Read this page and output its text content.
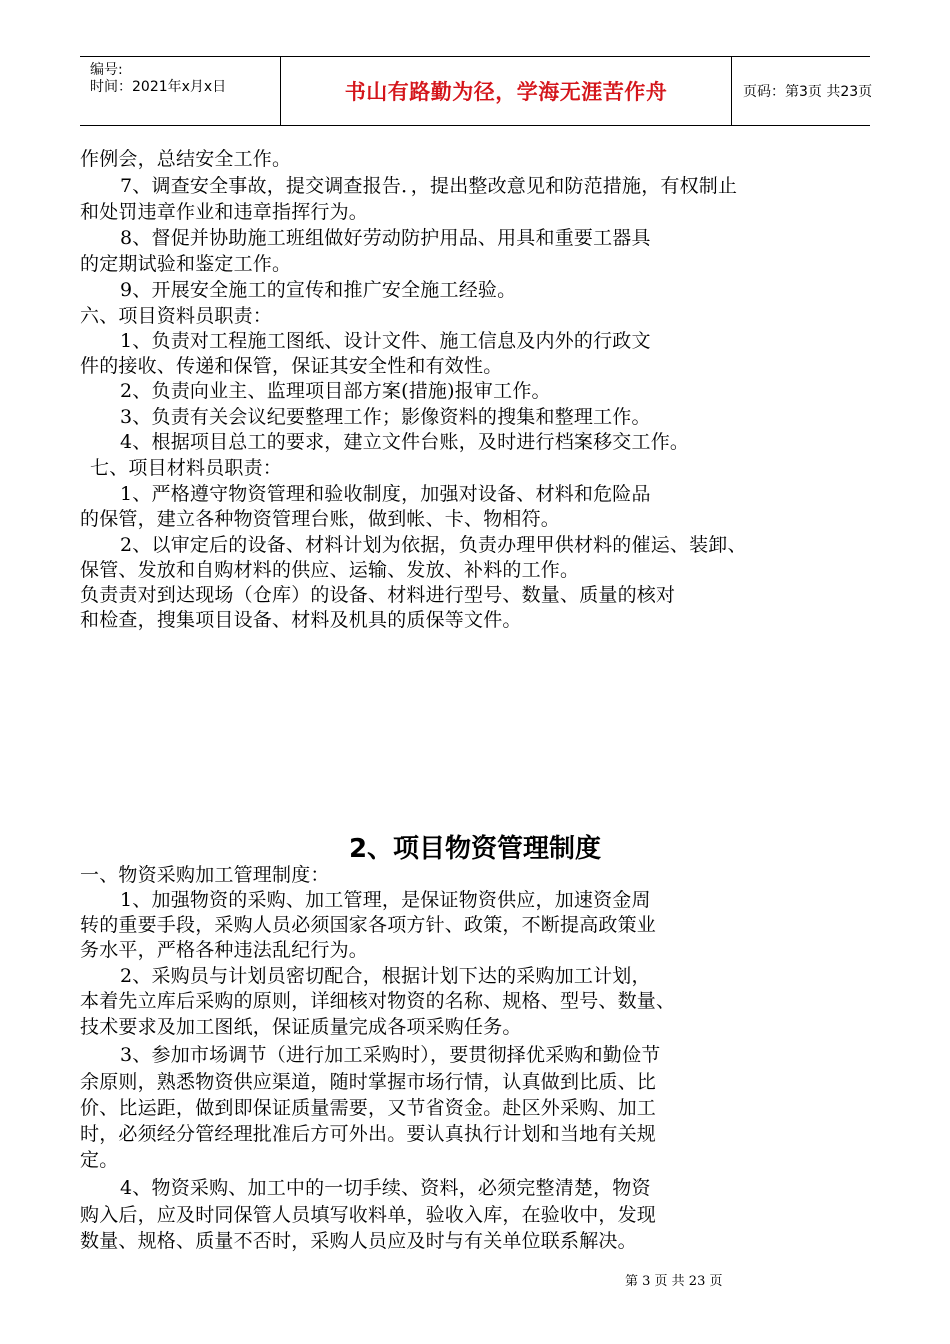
编号:
时间：2021年x月x日	书山有路勤为径，学海无涯苦作舟	页码：第3页 共23页
作例会，总结安全工作。
7、调查安全事故，提交调查报告．，提出整改意见和防范措施，有权制止
和处罚违章作业和违章指挥行为。
8、督促并协助施工班组做好劳动防护用品、用具和重要工器具
的定期试验和鉴定工作。
9、开展安全施工的宣传和推广安全施工经验。
六、项目资料员职责：
1、负责对工程施工图纸、设计文件、施工信息及内外的行政文
件的接收、传递和保管，保证其安全性和有效性。
2、负责向业主、监理项目部方案(措施)报审工作。
3、负责有关会议纪要整理工作；影像资料的搜集和整理工作。
4、根据项目总工的要求，建立文件台账，及时进行档案移交工作。
七、项目材料员职责：
1、严格遵守物资管理和验收制度，加强对设备、材料和危险品
的保管，建立各种物资管理台账，做到帐、卡、物相符。
2、以审定后的设备、材料计划为依据，负责办理甲供材料的催运、装卸、
保管、发放和自购材料的供应、运输、发放、补料的工作。
负责责对到达现场（仓库）的设备、材料进行型号、数量、质量的核对
和检查，搜集项目设备、材料及机具的质保等文件。
2、项目物资管理制度
一、物资采购加工管理制度：
1、加强物资的采购、加工管理，是保证物资供应，加速资金周
转的重要手段，采购人员必须国家各项方针、政策，不断提高政策业
务水平，严格各种违法乱纪行为。
2、采购员与计划员密切配合，根据计划下达的采购加工计划，
本着先立库后采购的原则，详细核对物资的名称、规格、型号、数量、
技术要求及加工图纸，保证质量完成各项采购任务。
3、参加市场调节（进行加工采购时），要贯彻择优采购和勤俭节
余原则，熟悉物资供应渠道，随时掌握市场行情，认真做到比质、比
价、比运距，做到即保证质量需要，又节省资金。赴区外采购、加工
时，必须经分管经理批准后方可外出。要认真执行计划和当地有关规
定。
4、物资采购、加工中的一切手续、资料，必须完整清楚，物资
购入后，应及时同保管人员填写收料单，验收入库，在验收中，发现
数量、规格、质量不否时，采购人员应及时与有关单位联系解决。
第 3 页 共 23 页
